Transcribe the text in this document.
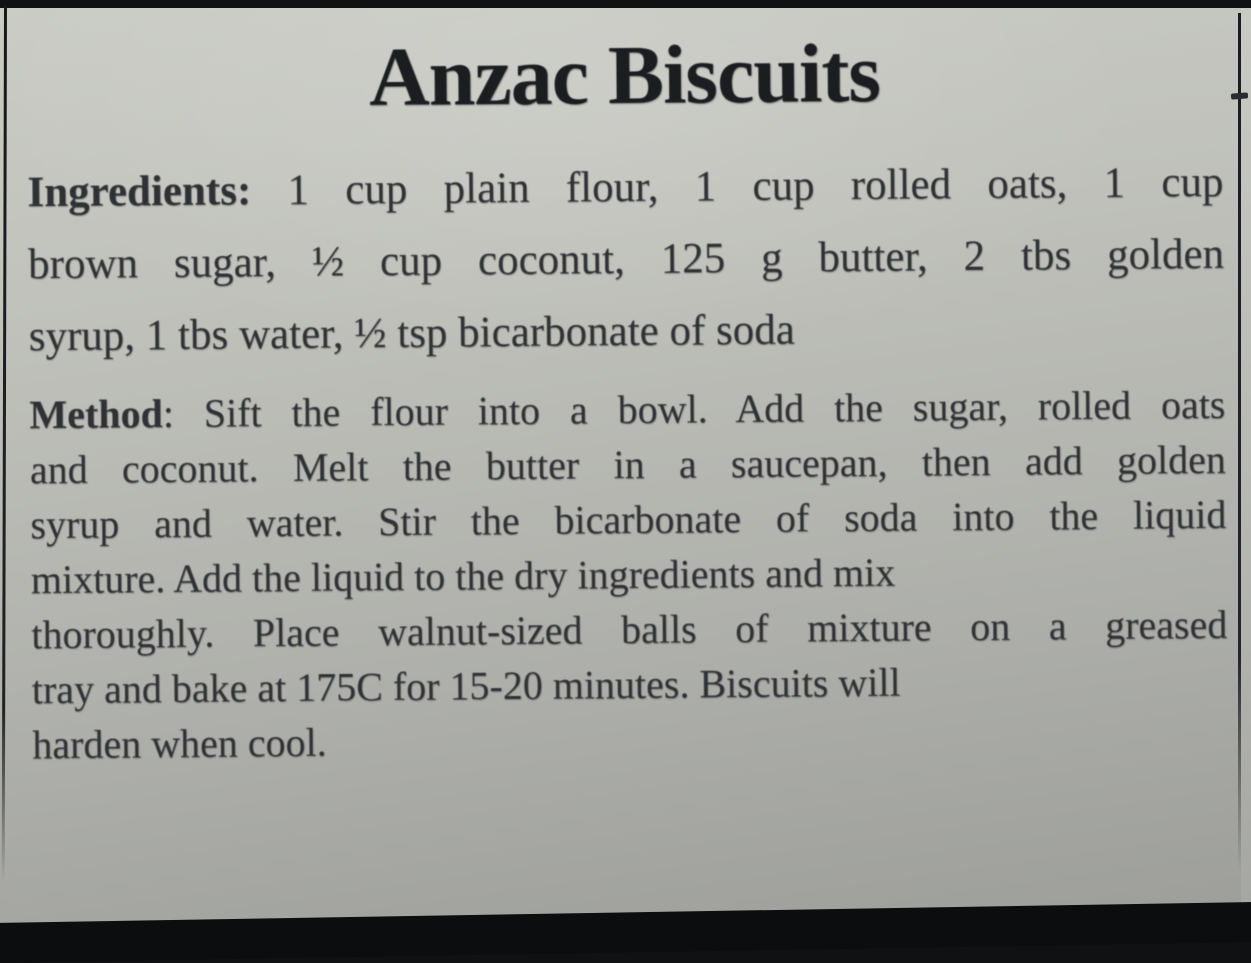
Anzac Biscuits
Ingredients: 1 cup plain flour, 1 cup rolled oats, 1 cup
brown sugar, ½ cup coconut, 125 g butter, 2 tbs golden
syrup, 1 tbs water, ½ tsp bicarbonate of soda
Method: Sift the flour into a bowl. Add the sugar, rolled oats
and coconut. Melt the butter in a saucepan, then add golden
syrup and water. Stir the bicarbonate of soda into the liquid
mixture. Add the liquid to the dry ingredients and mix
thoroughly. Place walnut-sized balls of mixture on a greased
tray and bake at 175C for 15-20 minutes. Biscuits will
harden when cool.
